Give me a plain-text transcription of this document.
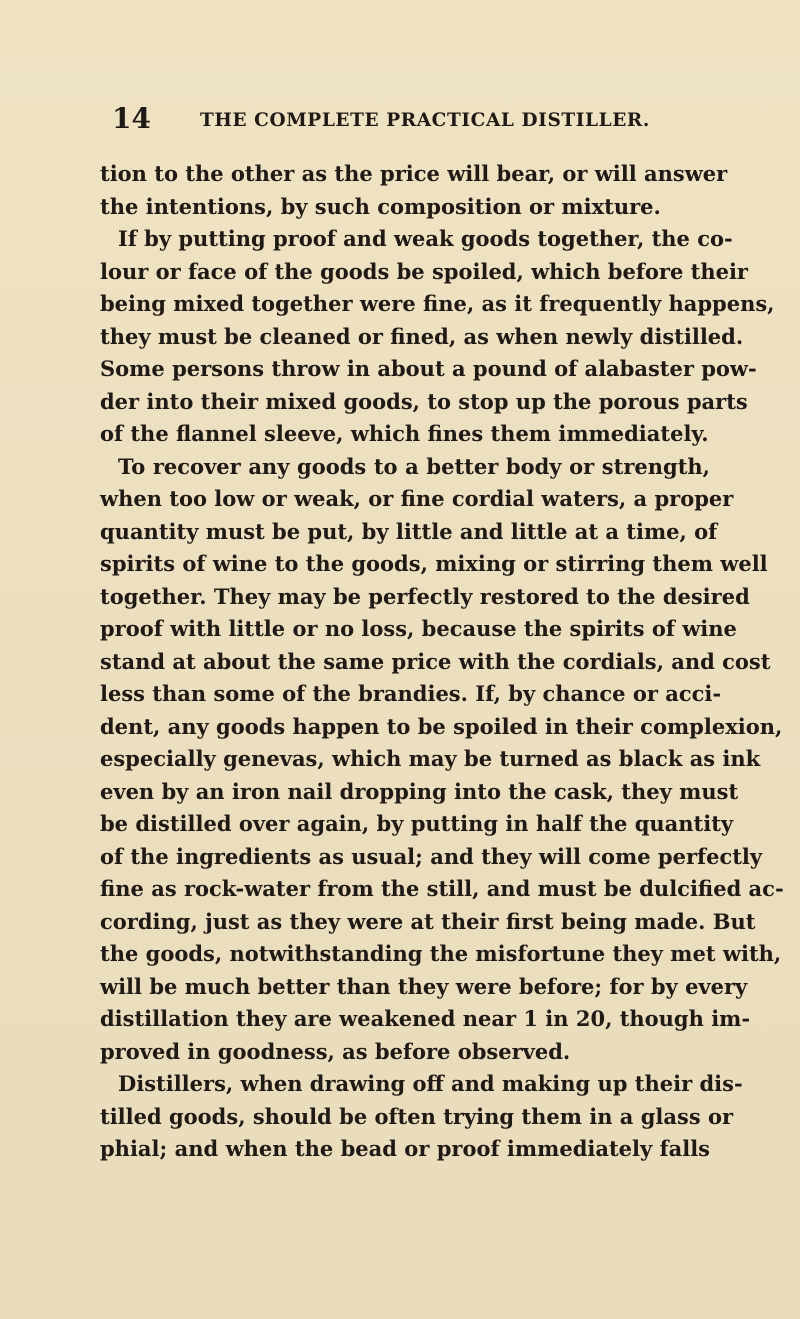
14	THE COMPLETE PRACTICAL DISTILLER.
tion to the other as the price will bear, or will answer
the intentions, by such composition or mixture.
If by putting proof and weak goods together, the co-
lour or face of the goods be spoiled, which before their
being mixed together were fine, as it frequently happens,
they must be cleaned or fined, as when newly distilled.
Some persons throw in about a pound of alabaster pow-
der into their mixed goods, to stop up the porous parts
of the flannel sleeve, which fines them immediately.
To recover any goods to a better body or strength,
when too low or weak, or fine cordial waters, a proper
quantity must be put, by little and little at a time, of
spirits of wine to the goods, mixing or stirring them well
together. They may be perfectly restored to the desired
proof with little or no loss, because the spirits of wine
stand at about the same price with the cordials, and cost
less than some of the brandies. If, by chance or acci-
dent, any goods happen to be spoiled in their complexion,
especially genevas, which may be turned as black as ink
even by an iron nail dropping into the cask, they must
be distilled over again, by putting in half the quantity
of the ingredients as usual; and they will come perfectly
fine as rock-water from the still, and must be dulcified ac-
cording, just as they were at their first being made. But
the goods, notwithstanding the misfortune they met with,
will be much better than they were before; for by every
distillation they are weakened near 1 in 20, though im-
proved in goodness, as before observed.
Distillers, when drawing off and making up their dis-
tilled goods, should be often trying them in a glass or
phial; and when the bead or proof immediately falls
